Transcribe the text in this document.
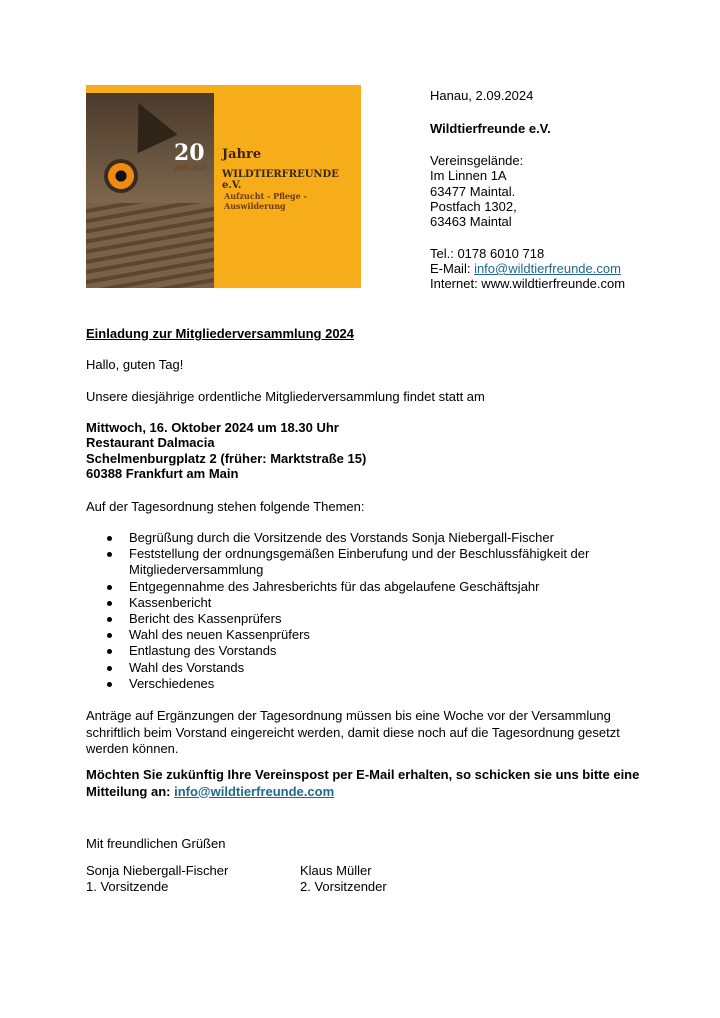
20
2005-2025
Jahre
WILDTIERFREUNDE e.V.
Aufzucht - Pflege - Auswilderung
Hanau, 2.09.2024
Wildtierfreunde e.V.
Vereinsgelände:
Im Linnen 1A
63477 Maintal.
Postfach 1302,
63463 Maintal
Tel.: 0178 6010 718
E-Mail: info@wildtierfreunde.com
Internet: www.wildtierfreunde.com
Einladung zur Mitgliederversammlung 2024
Hallo, guten Tag!
Unsere diesjährige ordentliche Mitgliederversammlung findet statt am
Mittwoch, 16. Oktober 2024 um 18.30 Uhr
Restaurant Dalmacia
Schelmenburgplatz 2 (früher: Marktstraße 15)
60388 Frankfurt am Main
Auf der Tagesordnung stehen folgende Themen:
Begrüßung durch die Vorsitzende des Vorstands Sonja Niebergall-Fischer
Feststellung der ordnungsgemäßen Einberufung und der Beschlussfähigkeit der Mitgliederversammlung
Entgegennahme des Jahresberichts für das abgelaufene Geschäftsjahr
Kassenbericht
Bericht des Kassenprüfers
Wahl des neuen Kassenprüfers
Entlastung des Vorstands
Wahl des Vorstands
Verschiedenes
Anträge auf Ergänzungen der Tagesordnung müssen bis eine Woche vor der Versammlung schriftlich beim Vorstand eingereicht werden, damit diese noch auf die Tagesordnung gesetzt werden können.
Möchten Sie zukünftig Ihre Vereinspost per E-Mail erhalten, so schicken sie uns bitte eine Mitteilung an: info@wildtierfreunde.com
Mit freundlichen Grüßen
Sonja Niebergall-Fischer
1. Vorsitzende
Klaus Müller
2. Vorsitzender
